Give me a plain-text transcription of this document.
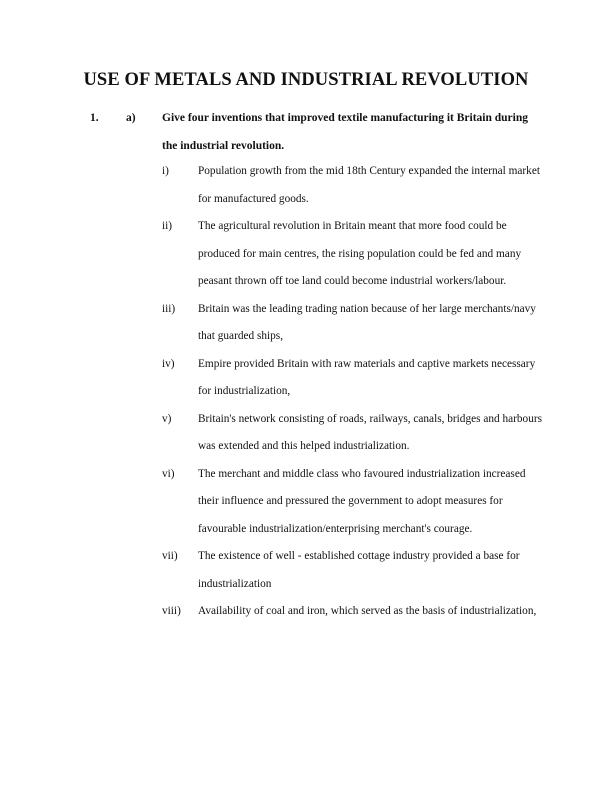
USE OF METALS AND INDUSTRIAL REVOLUTION
1. a) Give four inventions that improved textile manufacturing it Britain during the industrial revolution.
i)	Population growth from the mid 18th Century expanded the internal market for manufactured goods.
ii) The agricultural revolution in Britain meant that more food could be produced for main centres, the rising population could be fed and many peasant thrown off toe land could become industrial workers/labour.
iii) Britain was the leading trading nation because of her large merchants/navy that guarded ships,
iv) Empire provided Britain with raw materials and captive markets necessary for industrialization,
v) Britain's network consisting of roads, railways, canals, bridges and harbours was extended and this helped industrialization.
vi) The merchant and middle class who favoured industrialization increased their influence and pressured the government to adopt measures for favourable industrialization/enterprising merchant's courage.
vii) The existence of well - established cottage industry provided a base for industrialization
viii) Availability of coal and iron, which served as the basis of industrialization,
